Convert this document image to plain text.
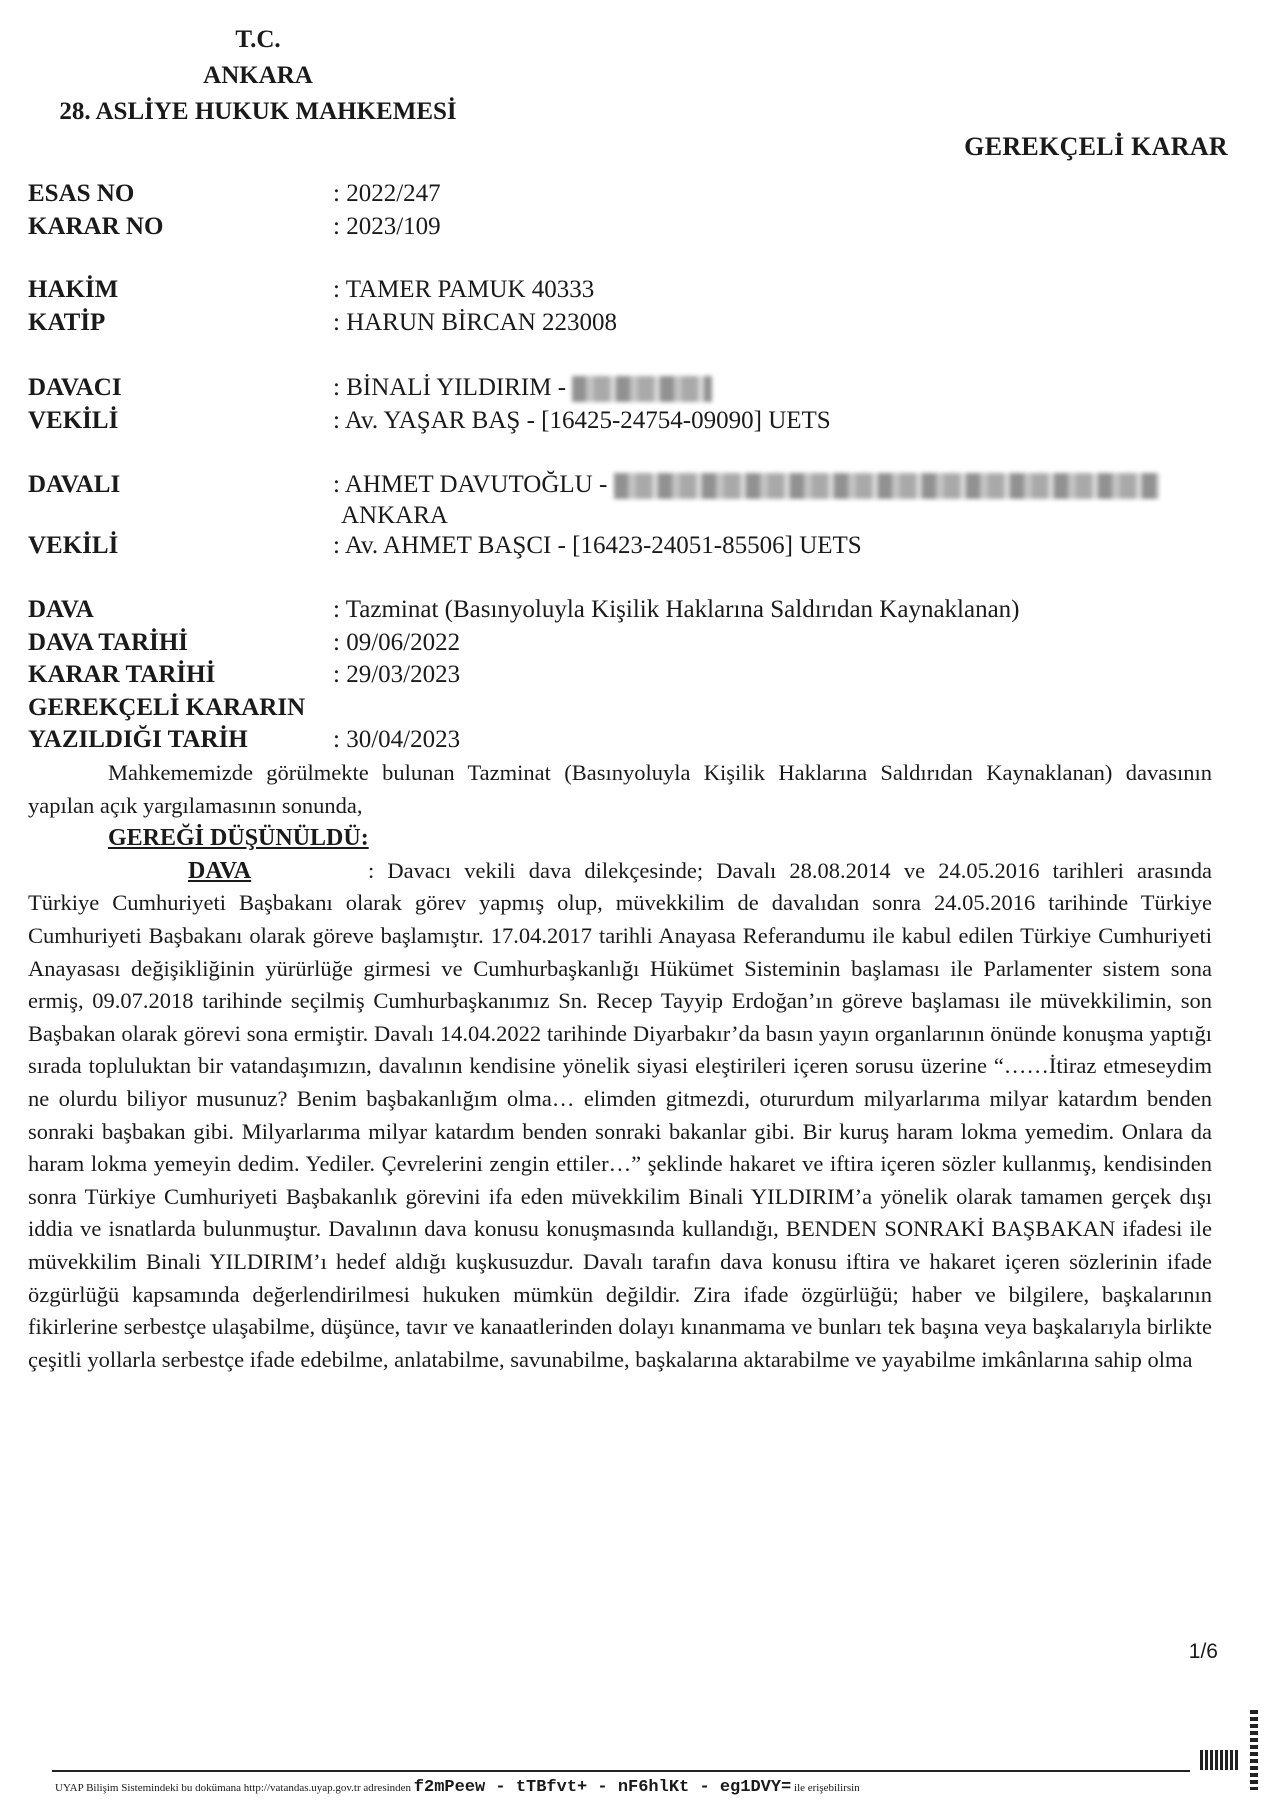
T.C.
ANKARA
28. ASLİYE HUKUK MAHKEMESİ
GEREKÇELİ KARAR
ESAS NO	: 2022/247
KARAR NO	: 2023/109
HAKİM	: TAMER PAMUK 40333
KATİP	: HARUN BİRCAN 223008
DAVACI	: BİNALİ YILDIRIM -
VEKİLİ	: Av. YAŞAR BAŞ - [16425-24754-09090] UETS
DAVALI	: AHMET DAVUTOĞLU -
ANKARA
VEKİLİ	: Av. AHMET BAŞCI - [16423-24051-85506] UETS
DAVA	: Tazminat (Basınyoluyla Kişilik Haklarına Saldırıdan Kaynaklanan)
DAVA TARİHİ	: 09/06/2022
KARAR TARİHİ	: 29/03/2023
GEREKÇELİ KARARIN
YAZILDIĞI TARİH	: 30/04/2023

Mahkememizde görülmekte bulunan Tazminat (Basınyoluyla Kişilik Haklarına Saldırıdan Kaynaklanan) davasının yapılan açık yargılamasının sonunda,

GEREĞİ DÜŞÜNÜLDÜ:

DAVA	: Davacı vekili dava dilekçesinde; Davalı 28.08.2014 ve 24.05.2016 tarihleri arasında Türkiye Cumhuriyeti Başbakanı olarak görev yapmış olup, müvekkilim de davalıdan sonra 24.05.2016 tarihinde Türkiye Cumhuriyeti Başbakanı olarak göreve başlamıştır. 17.04.2017 tarihli Anayasa Referandumu ile kabul edilen Türkiye Cumhuriyeti Anayasası değişikliğinin yürürlüğe girmesi ve Cumhurbaşkanlığı Hükümet Sisteminin başlaması ile Parlamenter sistem sona ermiş, 09.07.2018 tarihinde seçilmiş Cumhurbaşkanımız Sn. Recep Tayyip Erdoğan’ın göreve başlaması ile müvekkilimin, son Başbakan olarak görevi sona ermiştir. Davalı 14.04.2022 tarihinde Diyarbakır’da basın yayın organlarının önünde konuşma yaptığı sırada topluluktan bir vatandaşımızın, davalının kendisine yönelik siyasi eleştirileri içeren sorusu üzerine “……İtiraz etmeseydim ne olurdu biliyor musunuz? Benim başbakanlığım olma… elimden gitmezdi, otururdum milyarlarıma milyar katardım benden sonraki başbakan gibi. Milyarlarıma milyar katardım benden sonraki bakanlar gibi. Bir kuruş haram lokma yemedim. Onlara da haram lokma yemeyin dedim. Yediler. Çevrelerini zengin ettiler…” şeklinde hakaret ve iftira içeren sözler kullanmış, kendisinden sonra Türkiye Cumhuriyeti Başbakanlık görevini ifa eden müvekkilim Binali YILDIRIM’a yönelik olarak tamamen gerçek dışı iddia ve isnatlarda bulunmuştur. Davalının dava konusu konuşmasında kullandığı, BENDEN SONRAKİ BAŞBAKAN ifadesi ile müvekkilim Binali YILDIRIM’ı hedef aldığı kuşkusuzdur. Davalı tarafın dava konusu iftira ve hakaret içeren sözlerinin ifade özgürlüğü kapsamında değerlendirilmesi hukuken mümkün değildir. Zira ifade özgürlüğü; haber ve bilgilere, başkalarının fikirlerine serbestçe ulaşabilme, düşünce, tavır ve kanaatlerinden dolayı kınanmama ve bunları tek başına veya başkalarıyla birlikte çeşitli yollarla serbestçe ifade edebilme, anlatabilme, savunabilme, başkalarına aktarabilme ve yayabilme imkânlarına sahip olma

1/6
UYAP Bilişim Sistemindeki bu dokümana http://vatandas.uyap.gov.tr adresinden f2mPeew - tTBfvt+ - nF6hlKt - eg1DVY= ile erişebilirsin
